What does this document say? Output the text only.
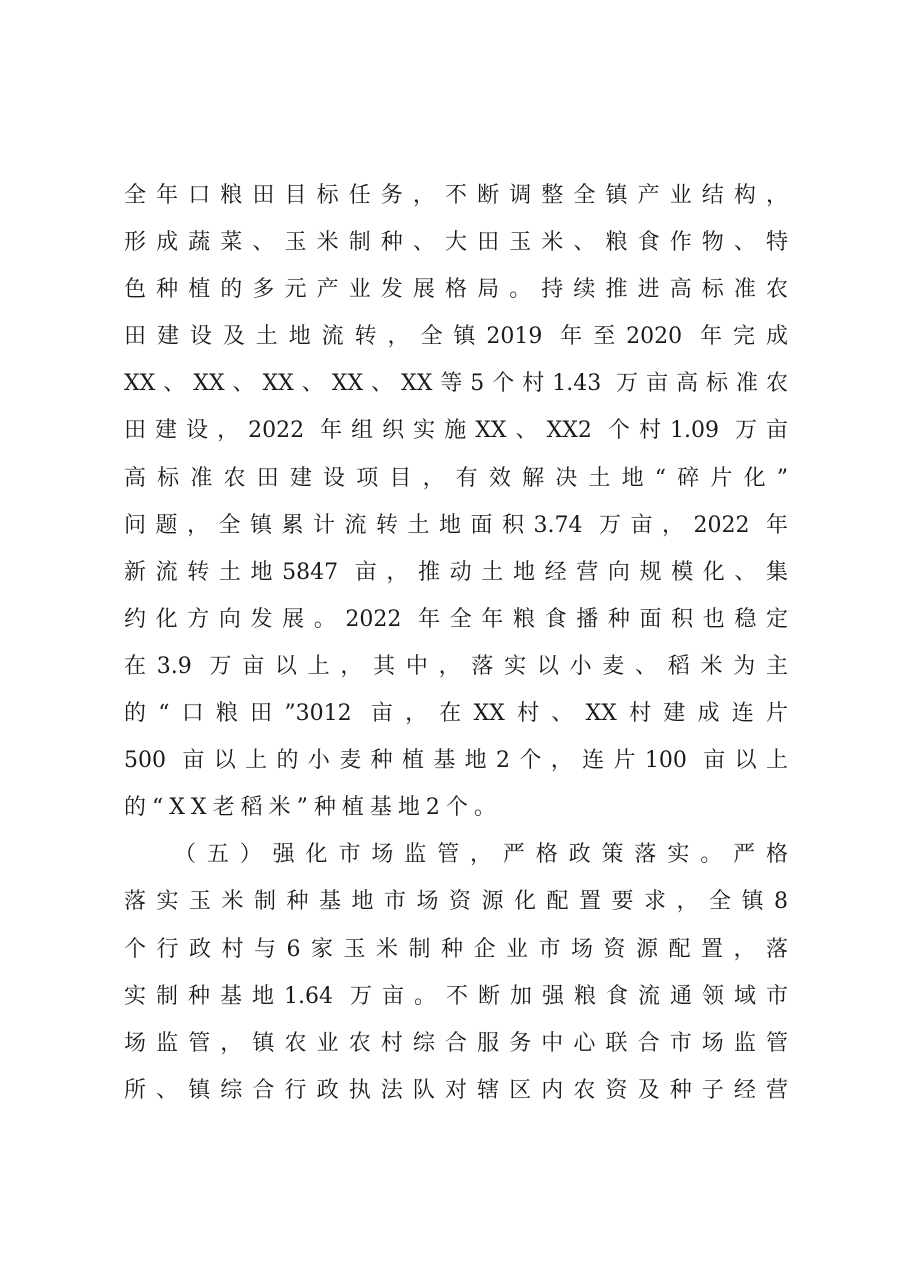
全年口粮田目标任务，不断调整全镇产业结构，
形成蔬菜、玉米制种、大田玉米、粮食作物、特
色种植的多元产业发展格局。持续推进高标准农
田建设及土地流转，全镇2019 年至2020 年完成
XX、XX、XX、XX、XX等5个村1.43 万亩高标准农
田建设，2022 年组织实施XX、XX2 个村1.09 万亩
高标准农田建设项目，有效解决土地“碎片化”
问题，全镇累计流转土地面积3.74 万亩，2022 年
新流转土地5847 亩，推动土地经营向规模化、集
约化方向发展。2022 年全年粮食播种面积也稳定
在3.9 万亩以上，其中，落实以小麦、稻米为主
的“口粮田”3012 亩，在XX村、XX村建成连片
500 亩以上的小麦种植基地2个，连片100 亩以上
的“XX老稻米”种植基地2个。
（五）强化市场监管，严格政策落实。严格
落实玉米制种基地市场资源化配置要求，全镇8
个行政村与6家玉米制种企业市场资源配置，落
实制种基地1.64 万亩。不断加强粮食流通领域市
场监管，镇农业农村综合服务中心联合市场监管
所、镇综合行政执法队对辖区内农资及种子经营
